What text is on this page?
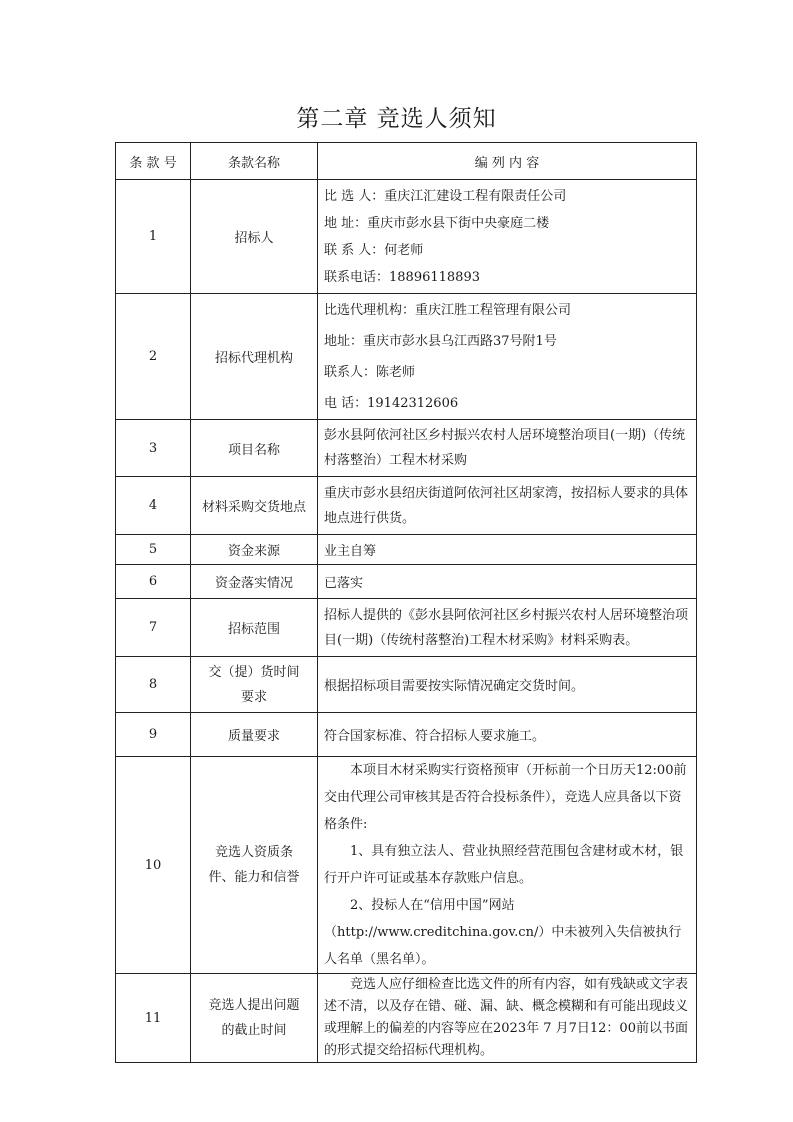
第二章 竞选人须知
条 款 号	条款名称	编 列 内 容
1	招标人	比 选 人：重庆江汇建设工程有限责任公司
地 址：重庆市彭水县下街中央豪庭二楼
联 系 人：何老师
联系电话：18896118893

2	招标代理机构	比选代理机构：重庆江胜工程管理有限公司
地址：重庆市彭水县乌江西路37号附1号
联系人：陈老师
电 话：19142312606

3	项目名称	彭水县阿依河社区乡村振兴农村人居环境整治项目(一期)（传统村落整治）工程木材采购
4	材料采购交货地点	重庆市彭水县绍庆街道阿依河社区胡家湾，按招标人要求的具体地点进行供货。
5	资金来源	业主自筹
6	资金落实情况	已落实
7	招标范围	招标人提供的《彭水县阿依河社区乡村振兴农村人居环境整治项目(一期)（传统村落整治)工程木材采购》材料采购表。
8	交（提）货时间要求	根据招标项目需要按实际情况确定交货时间。
9	质量要求	符合国家标准、符合招标人要求施工。
10	竞选人资质条件、能力和信誉	本项目木材采购实行资格预审（开标前一个日历天12:00前交由代理公司审核其是否符合投标条件），竞选人应具备以下资格条件:
1、具有独立法人、营业执照经营范围包含建材或木材，银行开户许可证或基本存款账户信息。
2、投标人在“信用中国”网站（http://www.creditchina.gov.cn/）中未被列入失信被执行人名单（黑名单）。

11	竞选人提出问题的截止时间	竞选人应仔细检查比选文件的所有内容，如有残缺或文字表述不清，以及存在错、碰、漏、缺、概念模糊和有可能出现歧义或理解上的偏差的内容等应在2023年 7 月7日12：00前以书面的形式提交给招标代理机构。
